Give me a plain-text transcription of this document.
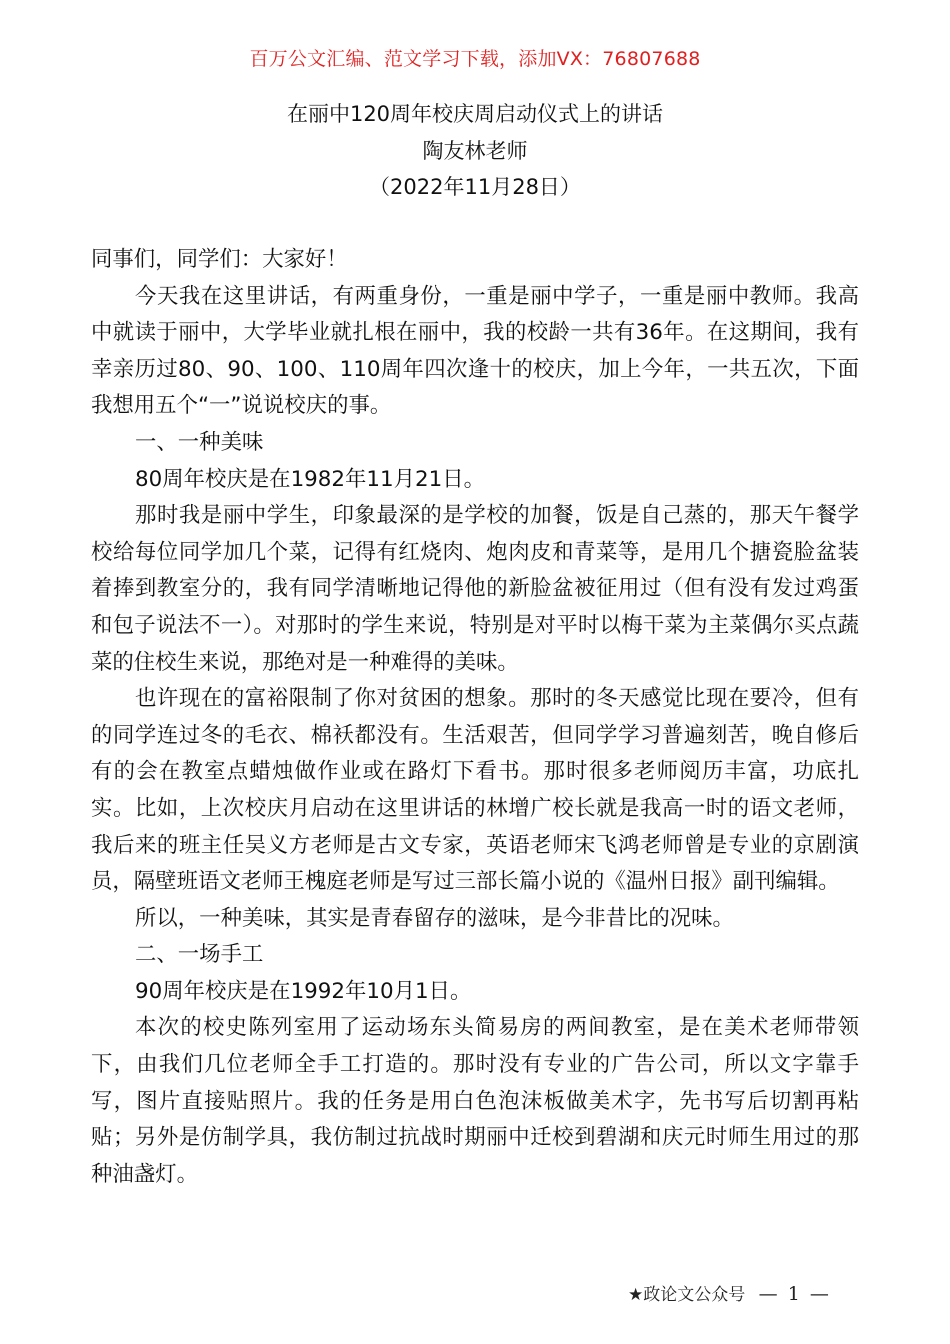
百万公文汇编、范文学习下载，添加VX：76807688
在丽中120周年校庆周启动仪式上的讲话
陶友林老师
（2022年11月28日）

同事们，同学们：大家好！

今天我在这里讲话，有两重身份，一重是丽中学子，一重是丽中教师。我高中就读于丽中，大学毕业就扎根在丽中，我的校龄一共有36年。在这期间，我有幸亲历过80、90、100、110周年四次逢十的校庆，加上今年，一共五次，下面我想用五个“一”说说校庆的事。

一、一种美味

80周年校庆是在1982年11月21日。

那时我是丽中学生，印象最深的是学校的加餐，饭是自己蒸的，那天午餐学校给每位同学加几个菜，记得有红烧肉、炮肉皮和青菜等，是用几个搪瓷脸盆装着捧到教室分的，我有同学清晰地记得他的新脸盆被征用过（但有没有发过鸡蛋和包子说法不一）。对那时的学生来说，特别是对平时以梅干菜为主菜偶尔买点蔬菜的住校生来说，那绝对是一种难得的美味。

也许现在的富裕限制了你对贫困的想象。那时的冬天感觉比现在要冷，但有的同学连过冬的毛衣、棉袄都没有。生活艰苦，但同学学习普遍刻苦，晚自修后有的会在教室点蜡烛做作业或在路灯下看书。那时很多老师阅历丰富，功底扎实。比如，上次校庆月启动在这里讲话的林增广校长就是我高一时的语文老师，我后来的班主任吴义方老师是古文专家，英语老师宋飞鸿老师曾是专业的京剧演员，隔壁班语文老师王槐庭老师是写过三部长篇小说的《温州日报》副刊编辑。

所以，一种美味，其实是青春留存的滋味，是今非昔比的况味。

二、一场手工

90周年校庆是在1992年10月1日。

本次的校史陈列室用了运动场东头简易房的两间教室，是在美术老师带领下，由我们几位老师全手工打造的。那时没有专业的广告公司，所以文字靠手写，图片直接贴照片。我的任务是用白色泡沫板做美术字，先书写后切割再粘贴；另外是仿制学具，我仿制过抗战时期丽中迁校到碧湖和庆元时师生用过的那种油盏灯。

★政论文公众号 — 1 —
